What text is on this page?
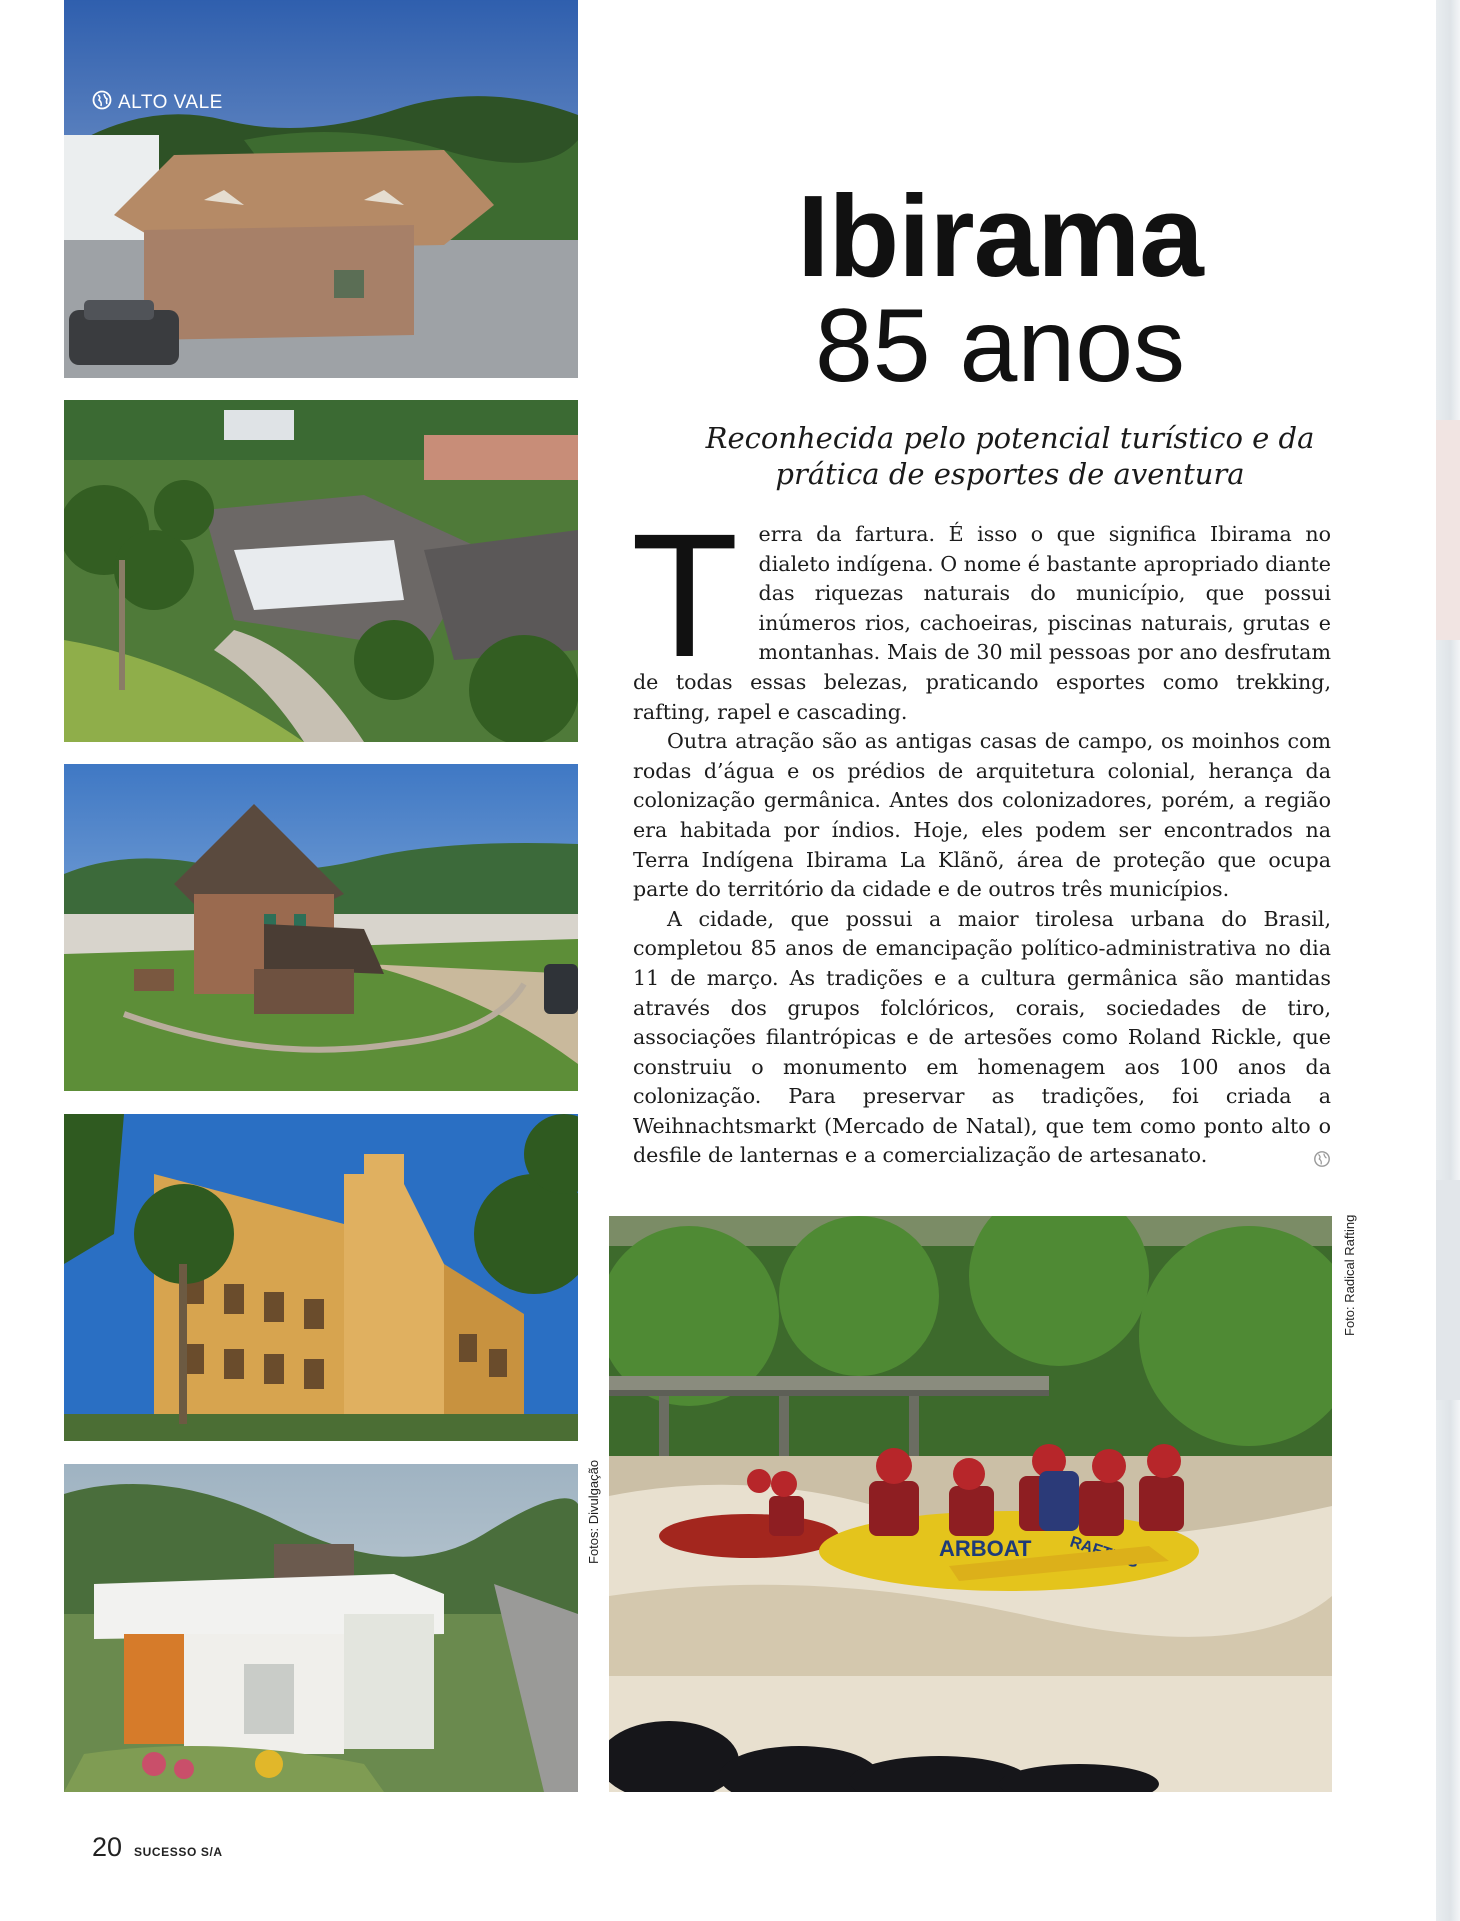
ALTO VALE
Fotos: Divulgação
Ibirama
85 anos
Reconhecida pelo potencial turístico e da prática de esportes de aventura

Terra da fartura. É isso o que significa Ibirama no dialeto indígena. O nome é bastante apropriado diante das riquezas naturais do município, que possui inúmeros rios, cachoeiras, piscinas naturais, grutas e montanhas. Mais de 30 mil pessoas por ano desfrutam de todas essas belezas, praticando esportes como trekking, rafting, rapel e cascading.

Outra atração são as antigas casas de campo, os moinhos com rodas d’água e os prédios de arquitetura colonial, herança da colonização germânica. Antes dos colonizadores, porém, a região era habitada por índios. Hoje, eles podem ser encontrados na Terra Indígena Ibirama La Klãnõ, área de proteção que ocupa parte do território da cidade e de outros três municípios.

A cidade, que possui a maior tirolesa urbana do Brasil, completou 85 anos de emancipação político-administrativa no dia 11 de março. As tradições e a cultura germânica são mantidas através dos grupos folclóricos, corais, sociedades de tiro, associações filantrópicas e de artesões como Roland Rickle, que construiu o monumento em homenagem aos 100 anos da colonização. Para preservar as tradições, foi criada a Weihnachtsmarkt (Mercado de Natal), que tem como ponto alto o desfile de lanternas e a comercialização de artesanato.

ARBOAT
Foto: Radical Rafting
20 SUCESSO S/A
